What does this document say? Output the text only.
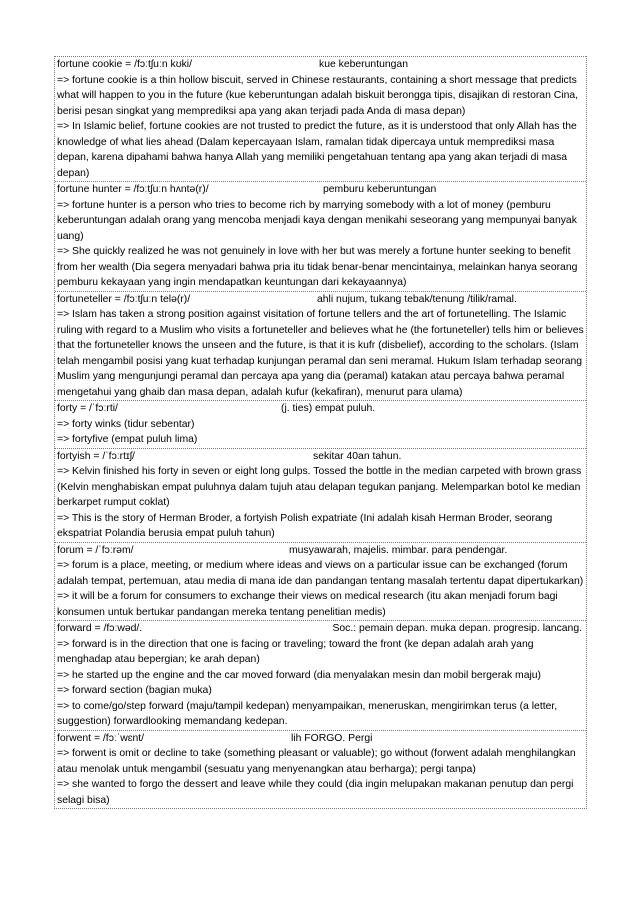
fortune cookie = /fɔːtʃuːn kʊki/	kue keberuntungan
=> fortune cookie is a thin hollow biscuit, served in Chinese restaurants, containing a short message that predicts what will happen to you in the future (kue keberuntungan adalah biskuit berongga tipis, disajikan di restoran Cina, berisi pesan singkat yang memprediksi apa yang akan terjadi pada Anda di masa depan)
=> In Islamic belief, fortune cookies are not trusted to predict the future, as it is understood that only Allah has the knowledge of what lies ahead (Dalam kepercayaan Islam, ramalan tidak dipercaya untuk memprediksi masa depan, karena dipahami bahwa hanya Allah yang memiliki pengetahuan tentang apa yang akan terjadi di masa depan)
fortune hunter = /fɔːtʃuːn hʌntə(r)/	pemburu keberuntungan
=> fortune hunter is a person who tries to become rich by marrying somebody with a lot of money (pemburu keberuntungan adalah orang yang mencoba menjadi kaya dengan menikahi seseorang yang mempunyai banyak uang)
=> She quickly realized he was not genuinely in love with her but was merely a fortune hunter seeking to benefit from her wealth (Dia segera menyadari bahwa pria itu tidak benar-benar mencintainya, melainkan hanya seorang pemburu kekayaan yang ingin mendapatkan keuntungan dari kekayaannya)
fortuneteller = /fɔːtʃuːn telə(r)/	ahli nujum, tukang tebak/tenung /tilik/ramal.
=> Islam has taken a strong position against visitation of fortune tellers and the art of fortunetelling. The Islamic ruling with regard to a Muslim who visits a fortuneteller and believes what he (the fortuneteller) tells him or believes that the fortuneteller knows the unseen and the future, is that it is kufr (disbelief), according to the scholars. (Islam telah mengambil posisi yang kuat terhadap kunjungan peramal dan seni meramal. Hukum Islam terhadap seorang Muslim yang mengunjungi peramal dan percaya apa yang dia (peramal) katakan atau percaya bahwa peramal mengetahui yang ghaib dan masa depan, adalah kufur (kekafiran), menurut para ulama)
forty = /ˈfɔːrti/	(j. ties) empat puluh.
=> forty winks (tidur sebentar)
=> fortyfive (empat puluh lima)
fortyish = /ˈfɔːrtɪʃ/	sekitar 40an tahun.
=> Kelvin finished his forty in seven or eight long gulps. Tossed the bottle in the median carpeted with brown grass (Kelvin menghabiskan empat puluhnya dalam tujuh atau delapan tegukan panjang. Melemparkan botol ke median berkarpet rumput coklat)
=> This is the story of Herman Broder, a fortyish Polish expatriate (Ini adalah kisah Herman Broder, seorang ekspatriat Polandia berusia empat puluh tahun)
forum = /ˈfɔːrəm/	musyawarah, majelis. mimbar. para pendengar.
=> forum is a place, meeting, or medium where ideas and views on a particular issue can be exchanged (forum adalah tempat, pertemuan, atau media di mana ide dan pandangan tentang masalah tertentu dapat dipertukarkan)
=> it will be a forum for consumers to exchange their views on medical research (itu akan menjadi forum bagi konsumen untuk bertukar pandangan mereka tentang penelitian medis)
forward = /fɔːwəd/.	Soc.: pemain depan. muka depan. progresip. lancang.
=> forward is in the direction that one is facing or traveling; toward the front (ke depan adalah arah yang menghadap atau bepergian; ke arah depan)
=> he started up the engine and the car moved forward (dia menyalakan mesin dan mobil bergerak maju)
=> forward section (bagian muka)
=> to come/go/step forward (maju/tampil kedepan) menyampaikan, meneruskan, mengirimkan terus (a letter, suggestion) forwardlooking memandang kedepan.
forwent = /fɔːˈwɛnt/	lih FORGO. Pergi
=> forwent is omit or decline to take (something pleasant or valuable); go without (forwent adalah menghilangkan atau menolak untuk mengambil (sesuatu yang menyenangkan atau berharga); pergi tanpa)
=> she wanted to forgo the dessert and leave while they could (dia ingin melupakan makanan penutup dan pergi selagi bisa)
